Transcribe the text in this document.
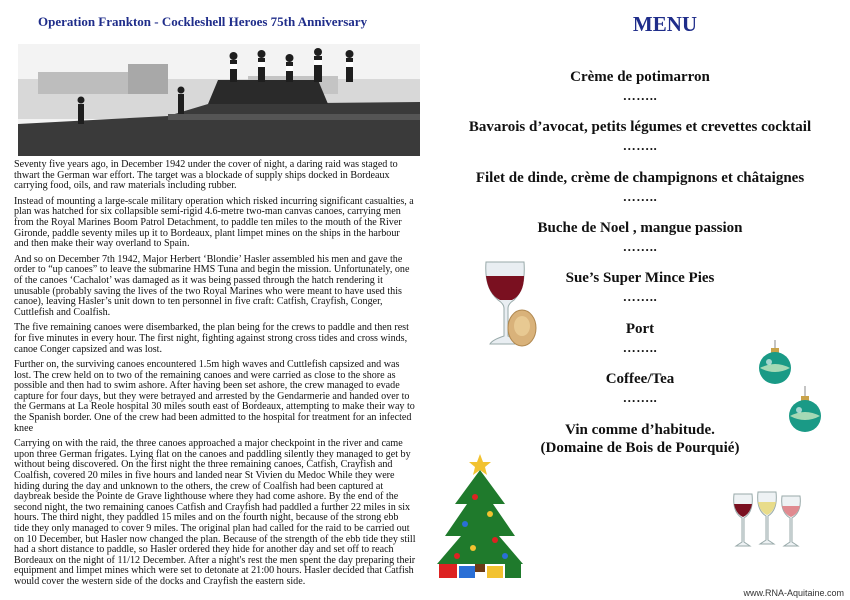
Operation Frankton - Cockleshell Heroes 75th Anniversary

Seventy five years ago, in December 1942 under the cover of night, a daring raid was staged to thwart the German war effort. The target was a blockade of supply ships docked in Bordeaux carrying food, oils, and raw materials including rubber.

Instead of mounting a large-scale military operation which risked incurring significant casualties, a plan was hatched for six collapsible semi-rigid 4.6-metre two-man canvas canoes, carrying men from the Royal Marines Boom Patrol Detachment, to paddle ten miles to the mouth of the River Gironde, paddle seventy miles up it to Bordeaux, plant limpet mines on the ships in the harbour and then make their way overland to Spain.

And so on December 7th 1942, Major Herbert ‘Blondie’ Hasler assembled his men and gave the order to “up canoes” to leave the submarine HMS Tuna and begin the mission. Unfortunately, one of the canoes ‘Cachalot’ was damaged as it was being passed through the hatch rendering it unusable (probably saving the lives of the two Royal Marines who were meant to have used this canoe), leaving Hasler’s unit down to ten personnel in five craft: Catfish, Crayfish, Conger, Cuttlefish and Coalfish.

The five remaining canoes were disembarked, the plan being for the crews to paddle and then rest for five minutes in every hour. The first night, fighting against strong cross tides and cross winds, canoe Conger capsized and was lost.

Further on, the surviving canoes encountered 1.5m high waves and Cuttlefish capsized and was lost. The crew held on to two of the remaining canoes and were carried as close to the shore as possible and then had to swim ashore. After having been set ashore, the crew managed to evade capture for four days, but they were betrayed and arrested by the Gendarmerie and handed over to the Germans at La Reole hospital 30 miles south east of Bordeaux, attempting to make their way to the Spanish border. One of the crew had been admitted to the hospital for treatment for an infected knee

Carrying on with the raid, the three canoes approached a major checkpoint in the river and came upon three German frigates. Lying flat on the canoes and paddling silently they managed to get by without being discovered. On the first night the three remaining canoes, Catfish, Crayfish and Coalfish, covered 20 miles in five hours and landed near St Vivien du Medoc While they were hiding during the day and unknown to the others, the crew of Coalfish had been captured at daybreak beside the Pointe de Grave lighthouse where they had come ashore. By the end of the second night, the two remaining canoes Catfish and Crayfish had paddled a further 22 miles in six hours. The third night, they paddled 15 miles and on the fourth night, because of the strong ebb tide they only managed to cover 9 miles. The original plan had called for the raid to be carried out on 10 December, but Hasler now changed the plan. Because of the strength of the ebb tide they still had a short distance to paddle, so Hasler ordered they hide for another day and set off to reach Bordeaux on the night of 11/12 December. After a night's rest the men spent the day preparing their equipment and limpet mines which were set to detonate at 21:00 hours. Hasler decided that Catfish would cover the western side of the docks and Crayfish the eastern side.

MENU
Crème de potimarron
……..
Bavarois d’avocat, petits légumes et crevettes cocktail
……..
Filet de dinde, crème de champignons et châtaignes
……..
Buche de Noel , mangue passion
……..
Sue’s Super Mince Pies
……..
Port
……..
Coffee/Tea
……..
Vin comme d’habitude.
(Domaine de Bois de Pourquié)
www.RNA-Aquitaine.com
